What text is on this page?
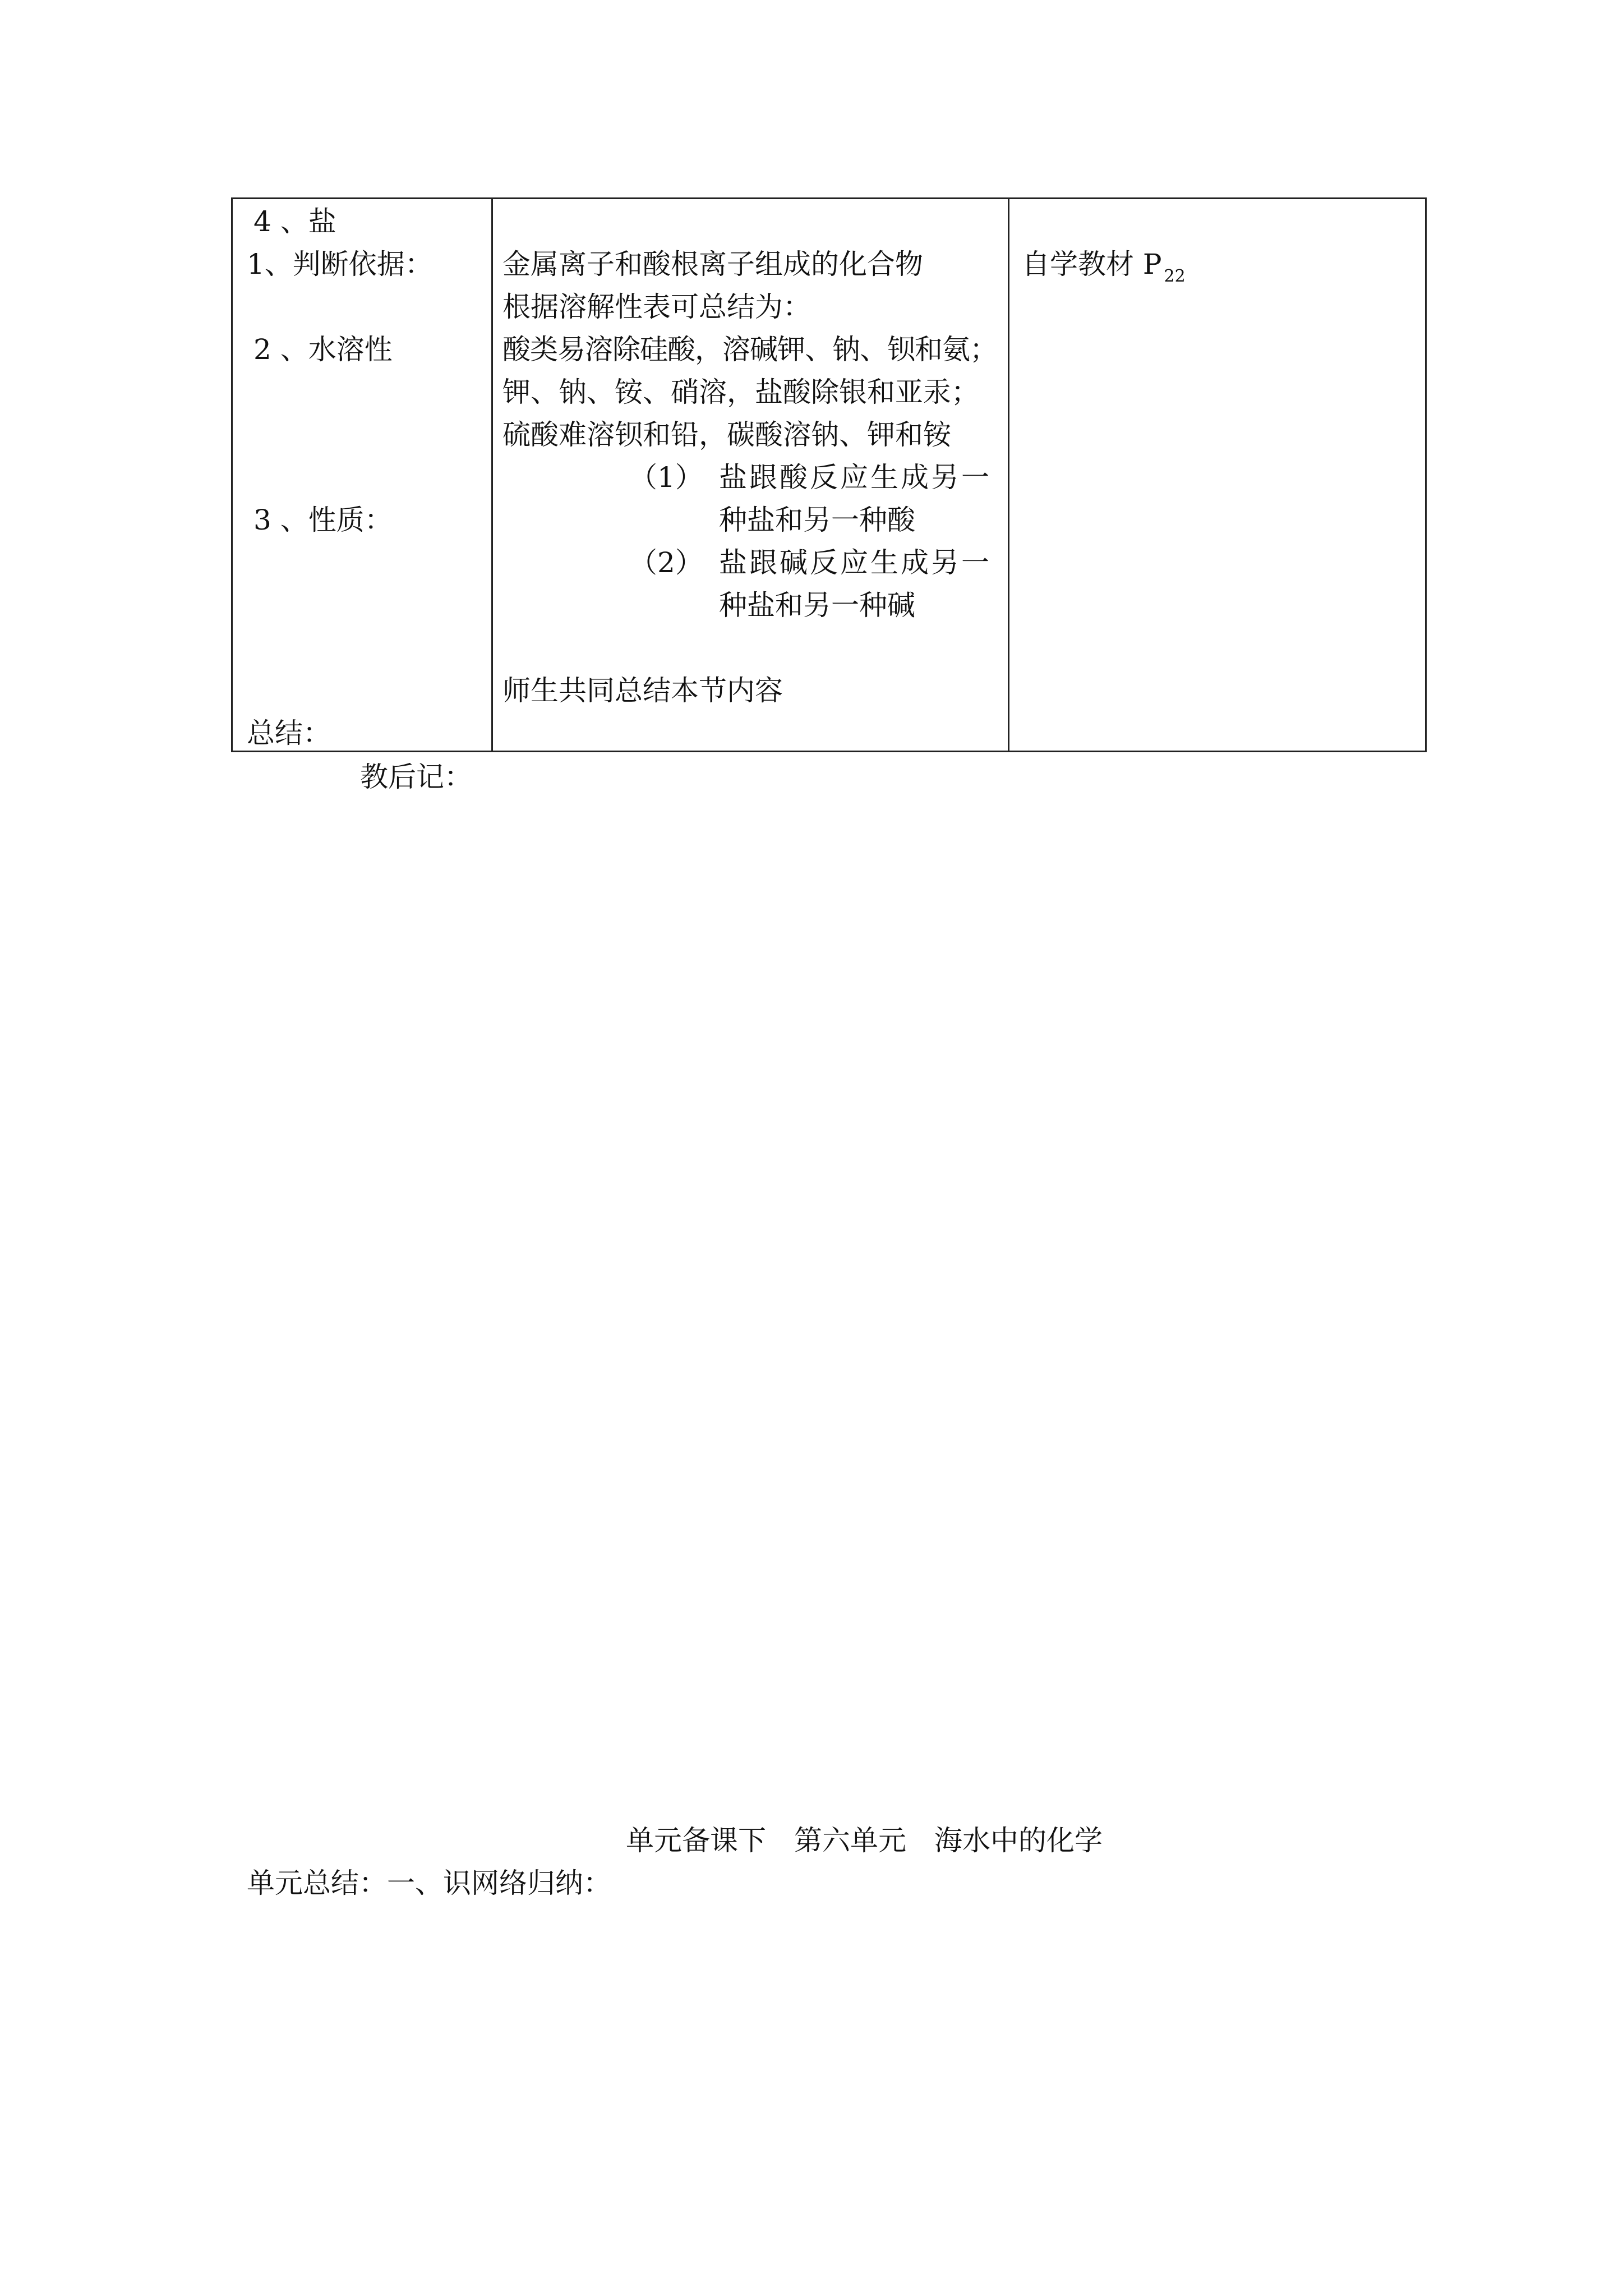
4 、盐
1、判断依据：
2 、水溶性
3 、性质：
总结：
金属离子和酸根离子组成的化合物
根据溶解性表可总结为：
酸类易溶除硅酸，溶碱钾、钠、钡和氨；
钾、钠、铵、硝溶，盐酸除银和亚汞；
硫酸难溶钡和铅，碳酸溶钠、钾和铵
（1） 盐跟酸反应生成另一
种盐和另一种酸
（2） 盐跟碱反应生成另一
种盐和另一种碱
师生共同总结本节内容
自学教材 P $_{22}$
教后记：
单元备课下　第六单元　海水中的化学
单元总结：一、识网络归纳：
